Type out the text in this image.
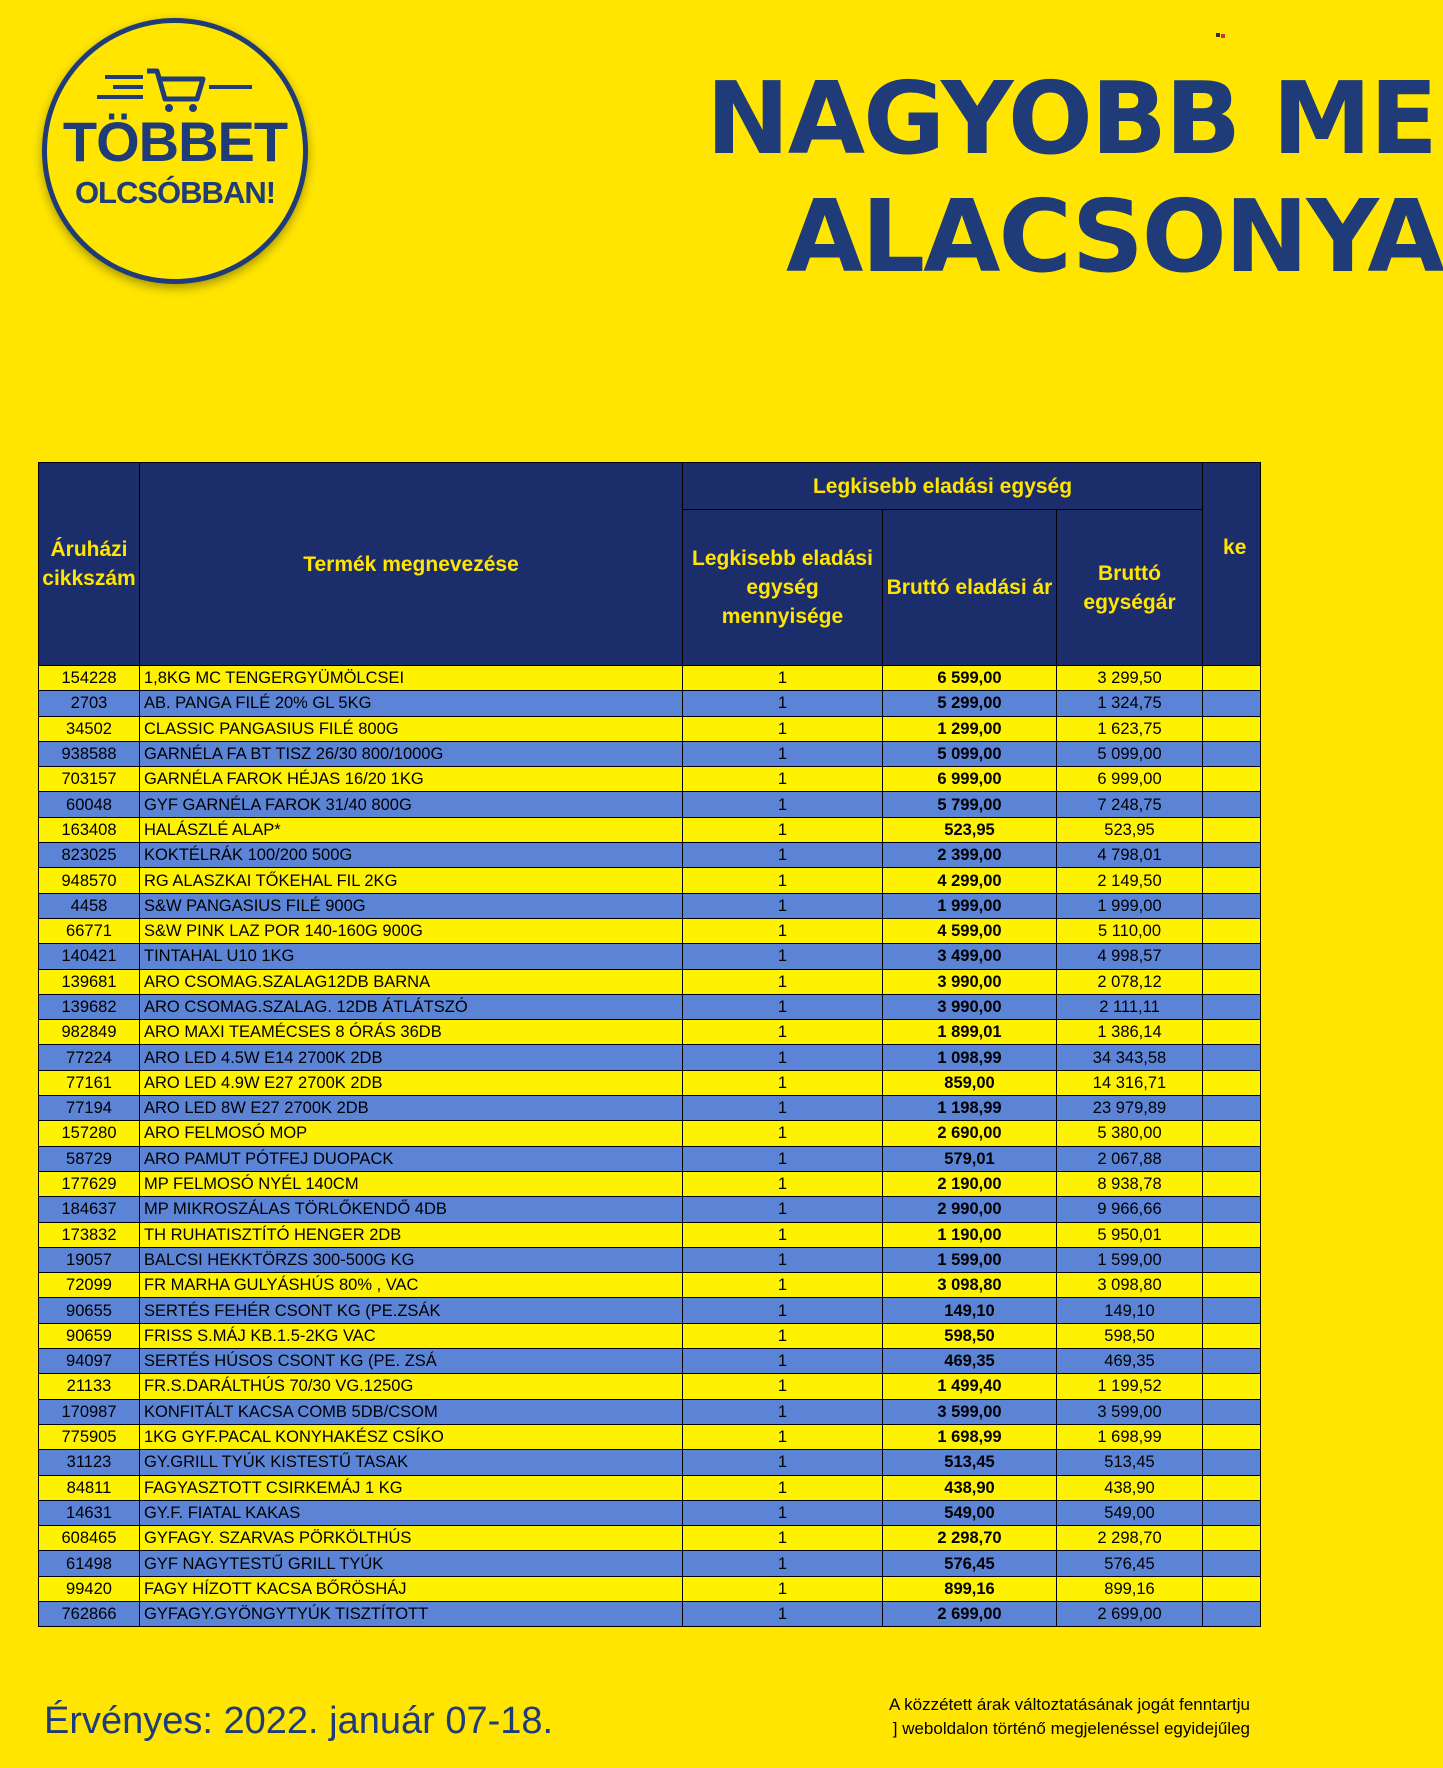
TÖBBET
OLCSÓBBAN!
NAGYOBB ME
ALACSONYA
Áruházi cikkszám	Termék megnevezése	Legkisebb eladási egység			ke
		Legkisebb eladási egység mennyisége	Bruttó eladási ár	Bruttó egységár	
154228	1,8KG MC TENGERGYÜMÖLCSEI	1	6 599,00	3 299,50	
2703	AB. PANGA FILÉ 20% GL 5KG	1	5 299,00	1 324,75	
34502	CLASSIC PANGASIUS FILÉ 800G	1	1 299,00	1 623,75	
938588	GARNÉLA FA BT TISZ 26/30 800/1000G	1	5 099,00	5 099,00	
703157	GARNÉLA FAROK HÉJAS 16/20 1KG	1	6 999,00	6 999,00	
60048	GYF GARNÉLA FAROK 31/40 800G	1	5 799,00	7 248,75	
163408	HALÁSZLÉ ALAP*	1	523,95	523,95	
823025	KOKTÉLRÁK 100/200 500G	1	2 399,00	4 798,01	
948570	RG ALASZKAI TŐKEHAL FIL 2KG	1	4 299,00	2 149,50	
4458	S&W PANGASIUS FILÉ 900G	1	1 999,00	1 999,00	
66771	S&W PINK LAZ POR 140-160G 900G	1	4 599,00	5 110,00	
140421	TINTAHAL U10 1KG	1	3 499,00	4 998,57	
139681	ARO CSOMAG.SZALAG12DB BARNA	1	3 990,00	2 078,12	
139682	ARO CSOMAG.SZALAG. 12DB ÁTLÁTSZÓ	1	3 990,00	2 111,11	
982849	ARO MAXI TEAMÉCSES 8 ÓRÁS 36DB	1	1 899,01	1 386,14	
77224	ARO LED 4.5W E14 2700K 2DB	1	1 098,99	34 343,58	
77161	ARO LED 4.9W E27 2700K 2DB	1	859,00	14 316,71	
77194	ARO LED 8W E27 2700K 2DB	1	1 198,99	23 979,89	
157280	ARO FELMOSÓ MOP	1	2 690,00	5 380,00	
58729	ARO PAMUT PÓTFEJ DUOPACK	1	579,01	2 067,88	
177629	MP FELMOSÓ NYÉL 140CM	1	2 190,00	8 938,78	
184637	MP MIKROSZÁLAS TÖRLŐKENDŐ 4DB	1	2 990,00	9 966,66	
173832	TH RUHATISZTÍTÓ HENGER 2DB	1	1 190,00	5 950,01	
19057	BALCSI HEKKTÖRZS 300-500G KG	1	1 599,00	1 599,00	
72099	FR MARHA GULYÁSHÚS 80% , VAC	1	3 098,80	3 098,80	
90655	SERTÉS FEHÉR CSONT KG (PE.ZSÁK	1	149,10	149,10	
90659	FRISS S.MÁJ KB.1.5-2KG VAC	1	598,50	598,50	
94097	SERTÉS HÚSOS CSONT KG (PE. ZSÁ	1	469,35	469,35	
21133	FR.S.DARÁLTHÚS 70/30 VG.1250G	1	1 499,40	1 199,52	
170987	KONFITÁLT KACSA COMB 5DB/CSOM	1	3 599,00	3 599,00	
775905	1KG GYF.PACAL KONYHAKÉSZ CSÍKO	1	1 698,99	1 698,99	
31123	GY.GRILL TYÚK KISTESTŰ TASAK	1	513,45	513,45	
84811	FAGYASZTOTT CSIRKEMÁJ 1 KG	1	438,90	438,90	
14631	GY.F. FIATAL KAKAS	1	549,00	549,00	
608465	GYFAGY. SZARVAS PÖRKÖLTHÚS	1	2 298,70	2 298,70	
61498	GYF NAGYTESTŰ GRILL TYÚK	1	576,45	576,45	
99420	FAGY HÍZOTT KACSA BŐRÖSHÁJ	1	899,16	899,16	
762866	GYFAGY.GYÖNGYTYÚK TISZTÍTOTT	1	2 699,00	2 699,00	
Érvényes: 2022. január 07-18.	A közzétett árak változtatásának jogát fenntartju
] weboldalon történő megjelenéssel egyidejűleg
